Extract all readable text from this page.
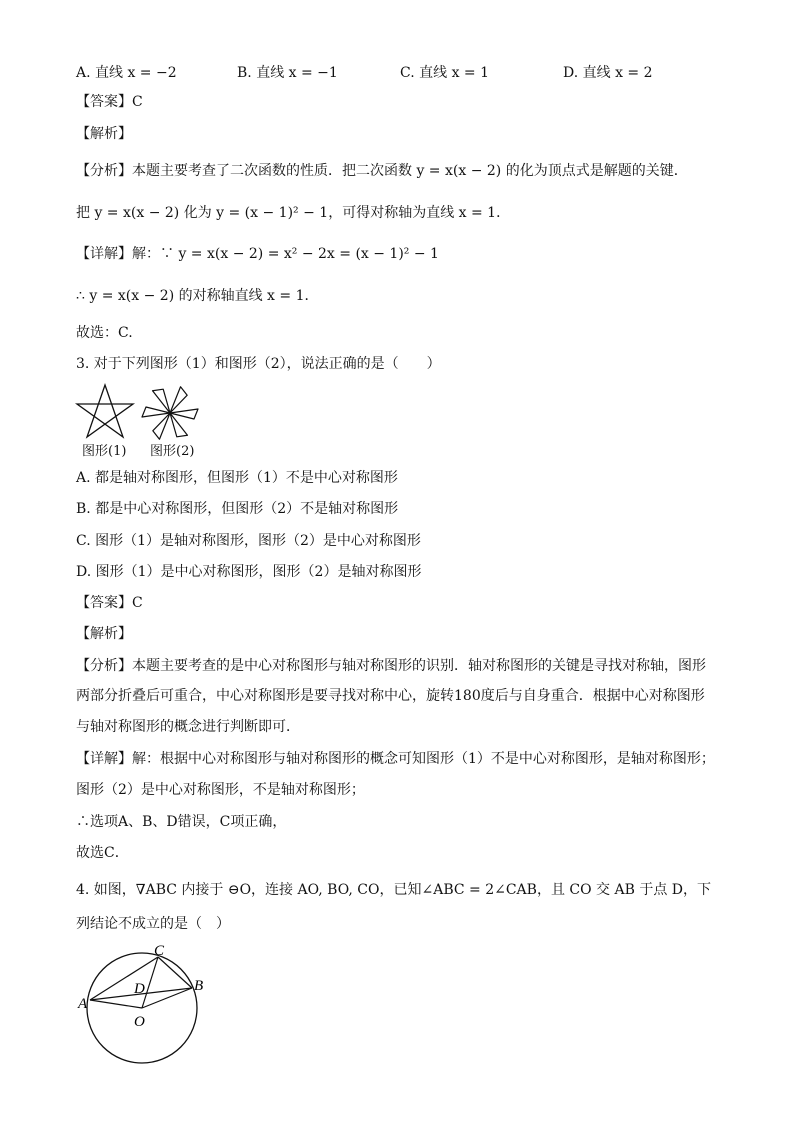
A. 直线 x = −2	B. 直线 x = −1	C. 直线 x = 1	D. 直线 x = 2
【答案】C
【解析】
【分析】本题主要考查了二次函数的性质．把二次函数 y = x(x − 2) 的化为顶点式是解题的关键．
把 y = x(x − 2) 化为 y = (x − 1)² − 1，可得对称轴为直线 x = 1．
【详解】解：∵ y = x(x − 2) = x² − 2x = (x − 1)² − 1
∴ y = x(x − 2) 的对称轴直线 x = 1．
故选：C.
3. 对于下列图形（1）和图形（2），说法正确的是（　　）
图形(1) 图形(2)
A. 都是轴对称图形，但图形（1）不是中心对称图形
B. 都是中心对称图形，但图形（2）不是轴对称图形
C. 图形（1）是轴对称图形，图形（2）是中心对称图形
D. 图形（1）是中心对称图形，图形（2）是轴对称图形
【答案】C
【解析】
【分析】本题主要考查的是中心对称图形与轴对称图形的识别．轴对称图形的关键是寻找对称轴，图形
两部分折叠后可重合，中心对称图形是要寻找对称中心，旋转180度后与自身重合．根据中心对称图形
与轴对称图形的概念进行判断即可．
【详解】解：根据中心对称图形与轴对称图形的概念可知图形（1）不是中心对称图形，是轴对称图形；
图形（2）是中心对称图形，不是轴对称图形；
∴选项A、B、D错误，C项正确，
故选C．
4. 如图，∇ABC 内接于 ⊖O，连接 AO, BO, CO，已知∠ABC = 2∠CAB，且 CO 交 AB 于点 D，下
列结论不成立的是（　）
A
B
C
D
O
